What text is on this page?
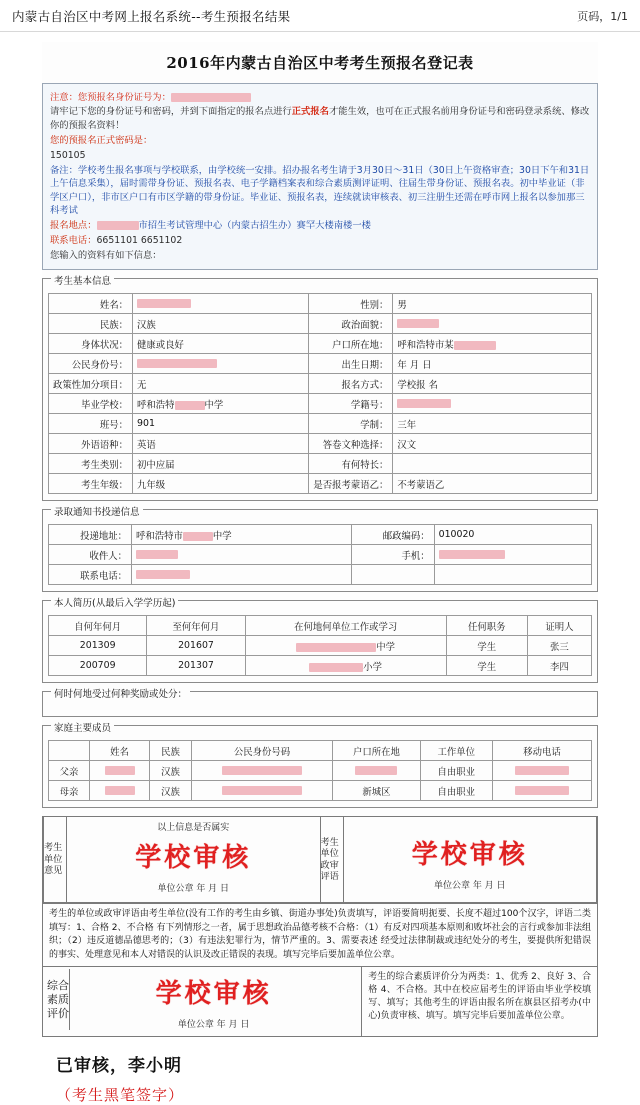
内蒙古自治区中考网上报名系统--考生预报名结果	页码，1/1
2016年内蒙古自治区中考考生预报名登记表

注意：您预报名身份证号为：

请牢记下您的身份证号和密码，并到下面指定的报名点进行正式报名才能生效，也可在正式报名前用身份证号和密码登录系统、修改你的预报名资料！

您的预报名正式密码是：

150105

备注：学校考生报名事项与学校联系，由学校统一安排。招办报名考生请于3月30日～31日（30日上午资格审查；30日下午和31日上午信息采集），届时需带身份证、预报名表、电子学籍档案表和综合素质测评证明、往届生带身份证、预报名表。初中毕业证（非学区户口），非市区户口有市区学籍的带身份证。毕业证、预报名表，连续就读审核表、初三注册生还需在呼市网上报名以参加那三科考试

报名地点：	市招生考试管理中心（内蒙古招生办）赛罕大楼南楼一楼

联系电话：6651101 6651102

您输入的资料有如下信息：

考生基本信息
姓名：		性别：	男
民族：	汉族	政治面貌：	
身体状况：	健康或良好	户口所在地：	呼和浩特市某
公民身份号：		出生日期：	年 月 日
政策性加分项目：	无	报名方式：	学校报 名
毕业学校：	呼和浩特 中学	学籍号：	
班号：	901	学制：	三年
外语语种：	英语	答卷文种选择：	汉文
考生类别：	初中应届	有何特长：	
考生年级：	九年级	是否报考蒙语乙：	不考蒙语乙
录取通知书投递信息
投递地址：	呼和浩特市 中学	邮政编码：	010020
收件人：		手机：	
联系电话：			
本人简历(从最后入学学历起)
自何年何月	至何年何月	在何地何单位工作或学习	任何职务	证明人
201309	201607	中学	学生	张三
200709	201307	小学	学生	李四
何时何地受过何种奖励或处分：
家庭主要成员
	姓名	民族	公民身份号码	户口所在地	工作单位	移动电话
父亲		汉族			自由职业	
母亲		汉族		新城区	自由职业	
考生单位意见
以上信息是否属实
学校审核
单位公章 年 月 日
考生单位政审评语

学校审核
单位公章 年 月 日
考生的单位或政审评语由考生单位(没有工作的考生由乡镇、街道办事处)负责填写，评语要简明扼要、长度不超过100个汉字，评语二类填写：1、合格 2、不合格 有下列情形之一者，属于思想政治品德考核不合格：（1）有反对四项基本原则和败坏社会的言行或参加非法组织；（2）违反道德品德思考的；（3）有违法犯罪行为，情节严重的。3、需要表述 经受过法律制裁或违纪处分的考生，要提供所犯错误的事实、处理意见和本人对错误的认识及改正错误的表现。填写完毕后要加盖单位公章。
综合素质评价
学校审核
单位公章 年 月 日
考生的综合素质评价分为两类：1、优秀 2、良好 3、合格 4、不合格。其中在校应届考生的评语由毕业学校填写、填写；其他考生的评语由报名所在旗县区招考办(中心)负责审核、填写。填写完毕后要加盖单位公章。
已审核，李小明
（考生黑笔签字）
